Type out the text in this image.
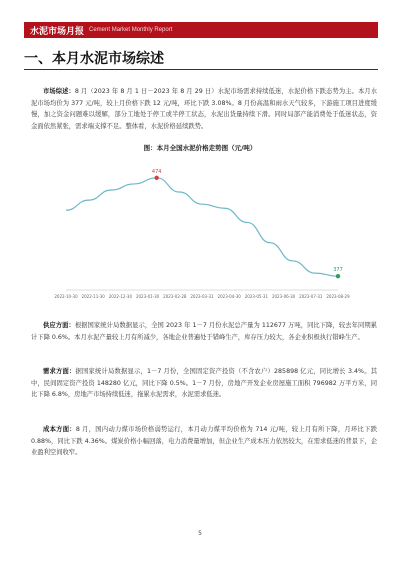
水泥市场月报 Cement Market Monthly Report
一、本月水泥市场综述

市场综述：8 月（2023 年 8 月 1 日－2023 年 8 月 29 日）水泥市场需求持续低迷，水泥价格下跌态势为主。本月水泥市场均价为 377 元/吨，较上月价格下跌 12 元/吨，环比下跌 3.08%。8 月份高温和雨水天气较多，下游施工项目进度缓慢，加之资金问题难以缓解，部分工地处于停工或半停工状态，水泥出货量持续下滑。同时局部产能消费处于低迷状态，资金面依然紧张，需求端支撑不足。整体看，水泥价格延续跌势。

图：本月全国水泥价格走势图（元/吨）
474
377
2022-10-30 2022-11-30 2022-12-30 2023-01-30 2023-02-28 2023-03-31 2023-04-30 2023-05-31 2023-06-30 2023-07-31 2023-08-29

供应方面：根据国家统计局数据显示，全国 2023 年 1－7 月份水泥总产量为 112677 万吨，同比下降，较去年同期累计下降 0.6%。本月水泥产量较上月有所减少，各地企业普遍处于错峰生产，库存压力较大，各企业积极执行错峰生产。

需求方面：据国家统计局数据显示，1－7 月份，全国固定资产投资（不含农户）285898 亿元，同比增长 3.4%。其中，民间固定资产投资 148280 亿元，同比下降 0.5%。1－7 月份，房地产开发企业房屋施工面积 796982 万平方米，同比下降 6.8%，房地产市场持续低迷，拖累水泥需求，水泥需求低迷。

成本方面：8 月，国内动力煤市场价格弱势运行，本月动力煤平均价格为 714 元/吨，较上月有所下降，月环比下跌 0.88%，同比下跌 4.36%。煤炭价格小幅回落，电力消费量增加，但企业生产成本压力依然较大，在需求低迷的背景下，企业盈利空间收窄。

5
